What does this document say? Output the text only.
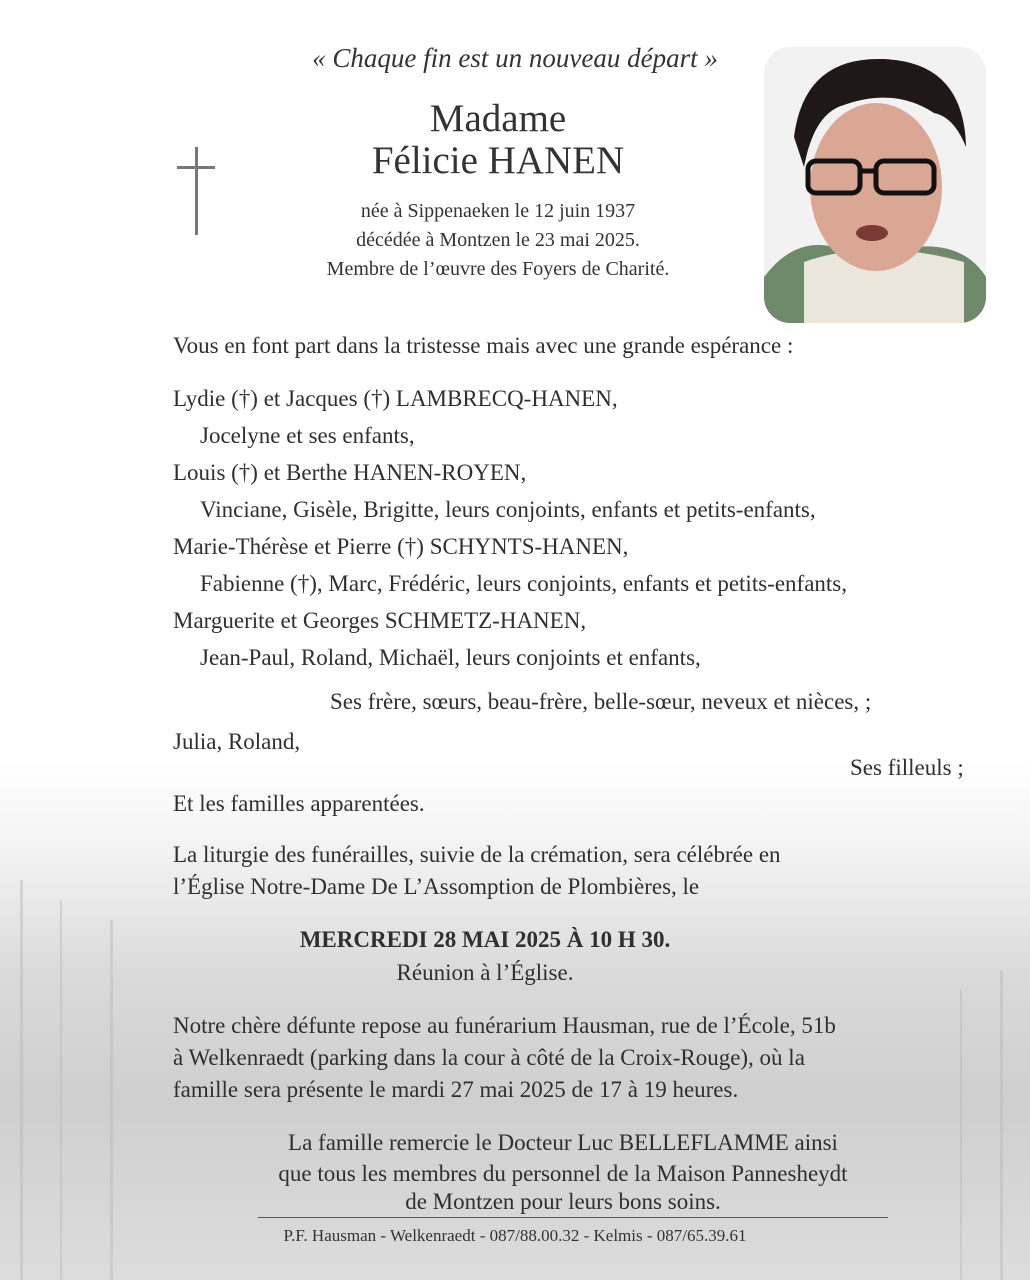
« Chaque fin est un nouveau départ »
Madame
Félicie HANEN
née à Sippenaeken le 12 juin 1937
décédée à Montzen le 23 mai 2025.
Membre de l’œuvre des Foyers de Charité.
Vous en font part dans la tristesse mais avec une grande espérance :
Lydie (†) et Jacques (†) LAMBRECQ-HANEN,
Jocelyne et ses enfants,
Louis (†) et Berthe HANEN-ROYEN,
Vinciane, Gisèle, Brigitte, leurs conjoints, enfants et petits-enfants,
Marie-Thérèse et Pierre (†) SCHYNTS-HANEN,
Fabienne (†), Marc, Frédéric, leurs conjoints, enfants et petits-enfants,
Marguerite et Georges SCHMETZ-HANEN,
Jean-Paul, Roland, Michaël, leurs conjoints et enfants,
Ses frère, sœurs, beau-frère, belle-sœur, neveux et nièces, ;
Julia, Roland,
Ses filleuls ;
Et les familles apparentées.
La liturgie des funérailles, suivie de la crémation, sera célébrée en
l’Église Notre-Dame De L’Assomption de Plombières, le
MERCREDI 28 MAI 2025 À 10 H 30.
Réunion à l’Église.
Notre chère défunte repose au funérarium Hausman, rue de l’École, 51b
à Welkenraedt (parking dans la cour à côté de la Croix-Rouge), où la
famille sera présente le mardi 27 mai 2025 de 17 à 19 heures.
La famille remercie le Docteur Luc BELLEFLAMME ainsi
que tous les membres du personnel de la Maison Pannesheydt
de Montzen pour leurs bons soins.
P.F. Hausman - Welkenraedt - 087/88.00.32 - Kelmis - 087/65.39.61
